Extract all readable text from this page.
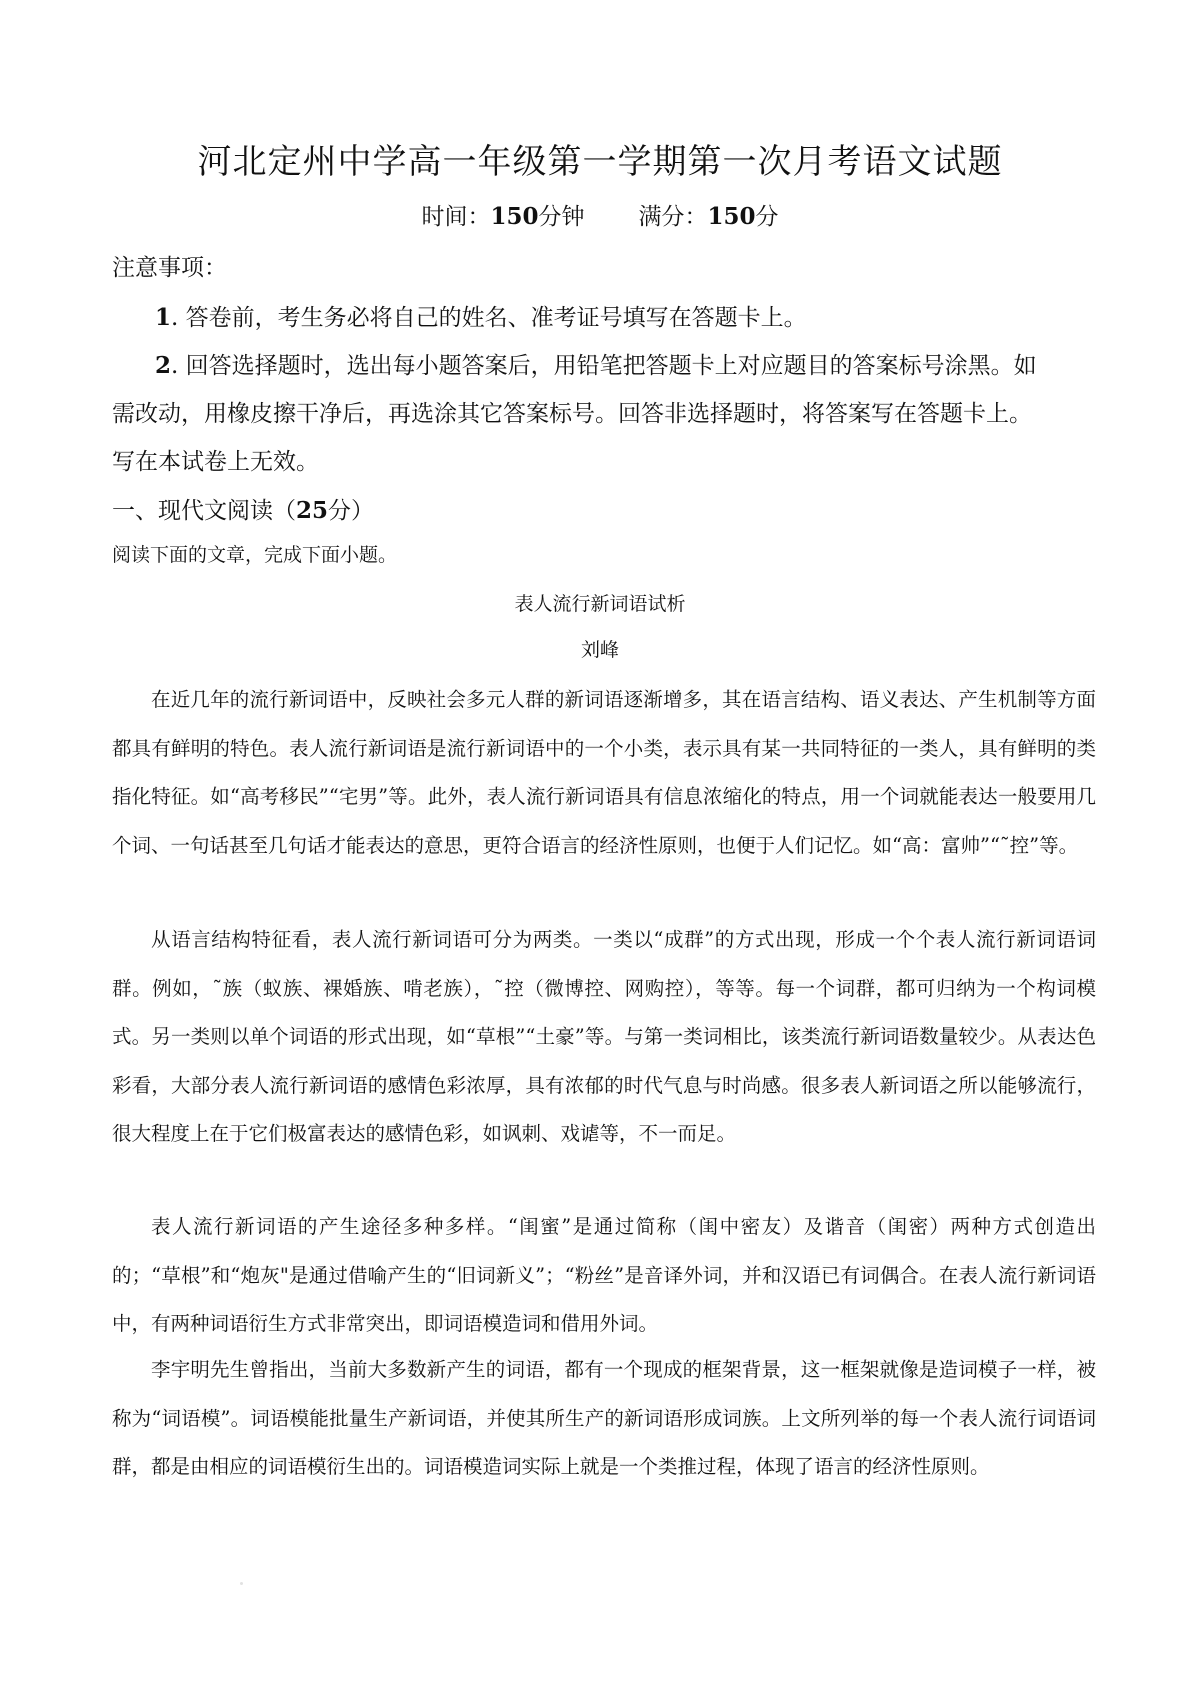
河北定州中学高一年级第一学期第一次月考语文试题
时间：150分钟 满分：150分
注意事项：
1. 答卷前，考生务必将自己的姓名、准考证号填写在答题卡上。
2. 回答选择题时，选出每小题答案后，用铅笔把答题卡上对应题目的答案标号涂黑。如
需改动，用橡皮擦干净后，再选涂其它答案标号。回答非选择题时，将答案写在答题卡上。
写在本试卷上无效。
一、现代文阅读（25分）
阅读下面的文章，完成下面小题。
表人流行新词语试析
刘峰

在近几年的流行新词语中，反映社会多元人群的新词语逐渐增多，其在语言结构、语义表达、产生机制等方面都具有鲜明的特色。表人流行新词语是流行新词语中的一个小类，表示具有某一共同特征的一类人，具有鲜明的类指化特征。如“高考移民”“宅男”等。此外，表人流行新词语具有信息浓缩化的特点，用一个词就能表达一般要用几个词、一句话甚至几句话才能表达的意思，更符合语言的经济性原则，也便于人们记忆。如“高：富帅”“˜控”等。

从语言结构特征看，表人流行新词语可分为两类。一类以“成群”的方式出现，形成一个个表人流行新词语词群。例如，˜族（蚁族、裸婚族、啃老族），˜控（微博控、网购控），等等。每一个词群，都可归纳为一个构词模式。另一类则以单个词语的形式出现，如“草根”“土豪”等。与第一类词相比，该类流行新词语数量较少。从表达色彩看，大部分表人流行新词语的感情色彩浓厚，具有浓郁的时代气息与时尚感。很多表人新词语之所以能够流行，很大程度上在于它们极富表达的感情色彩，如讽刺、戏谑等，不一而足。

表人流行新词语的产生途径多种多样。“闺蜜”是通过简称（闺中密友）及谐音（闺密）两种方式创造出的；“草根”和“炮灰"是通过借喻产生的“旧词新义”；“粉丝”是音译外词，并和汉语已有词偶合。在表人流行新词语中，有两种词语衍生方式非常突出，即词语模造词和借用外词。

李宇明先生曾指出，当前大多数新产生的词语，都有一个现成的框架背景，这一框架就像是造词模子一样，被称为“词语模”。词语模能批量生产新词语，并使其所生产的新词语形成词族。上文所列举的每一个表人流行词语词群，都是由相应的词语模衍生出的。词语模造词实际上就是一个类推过程，体现了语言的经济性原则。
